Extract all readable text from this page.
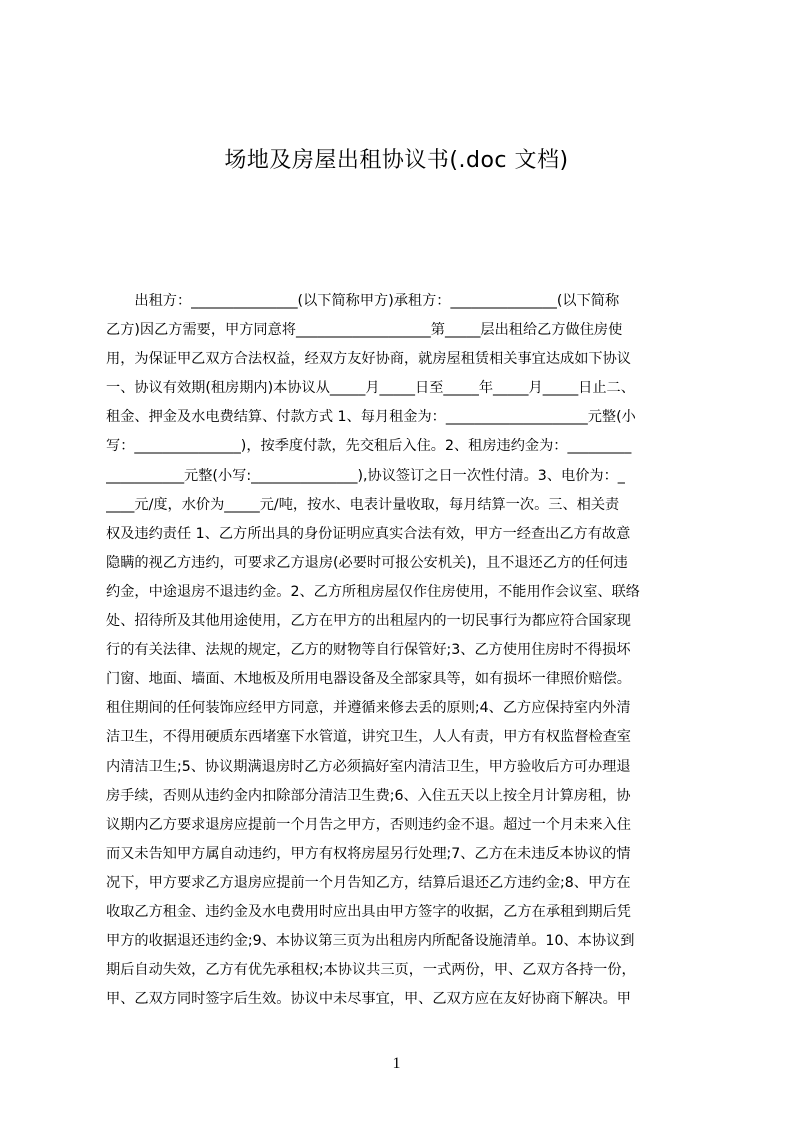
场地及房屋出租协议书(.doc 文档)
　　出租方：_______________(以下简称甲方)承租方：_______________(以下简称
乙方)因乙方需要，甲方同意将___________________第_____层出租给乙方做住房使
用，为保证甲乙双方合法权益，经双方友好协商，就房屋租赁相关事宜达成如下协议
一、协议有效期(租房期内)本协议从_____月_____日至_____年_____月_____日止二、
租金、押金及水电费结算、付款方式 1、每月租金为：____________________元整(小
写：_______________)，按季度付款，先交租后入住。2、租房违约金为：_________
___________元整(小写:_______________),协议签订之日一次性付清。3、电价为：_
____元/度，水价为_____元/吨，按水、电表计量收取，每月结算一次。三、相关责
权及违约责任 1、乙方所出具的身份证明应真实合法有效，甲方一经查出乙方有故意
隐瞒的视乙方违约，可要求乙方退房(必要时可报公安机关)，且不退还乙方的任何违
约金，中途退房不退违约金。2、乙方所租房屋仅作住房使用，不能用作会议室、联络
处、招待所及其他用途使用，乙方在甲方的出租屋内的一切民事行为都应符合国家现
行的有关法律、法规的规定，乙方的财物等自行保管好;3、乙方使用住房时不得损坏
门窗、地面、墙面、木地板及所用电器设备及全部家具等，如有损坏一律照价赔偿。
租住期间的任何装饰应经甲方同意，并遵循来修去丢的原则;4、乙方应保持室内外清
洁卫生，不得用硬质东西堵塞下水管道，讲究卫生，人人有责，甲方有权监督检查室
内清洁卫生;5、协议期满退房时乙方必须搞好室内清洁卫生，甲方验收后方可办理退
房手续，否则从违约金内扣除部分清洁卫生费;6、入住五天以上按全月计算房租，协
议期内乙方要求退房应提前一个月告之甲方，否则违约金不退。超过一个月未来入住
而又未告知甲方属自动违约，甲方有权将房屋另行处理;7、乙方在未违反本协议的情
况下，甲方要求乙方退房应提前一个月告知乙方，结算后退还乙方违约金;8、甲方在
收取乙方租金、违约金及水电费用时应出具由甲方签字的收据，乙方在承租到期后凭
甲方的收据退还违约金;9、本协议第三页为出租房内所配备设施清单。10、本协议到
期后自动失效，乙方有优先承租权;本协议共三页，一式两份，甲、乙双方各持一份，
甲、乙双方同时签字后生效。协议中未尽事宜，甲、乙双方应在友好协商下解决。甲
1
